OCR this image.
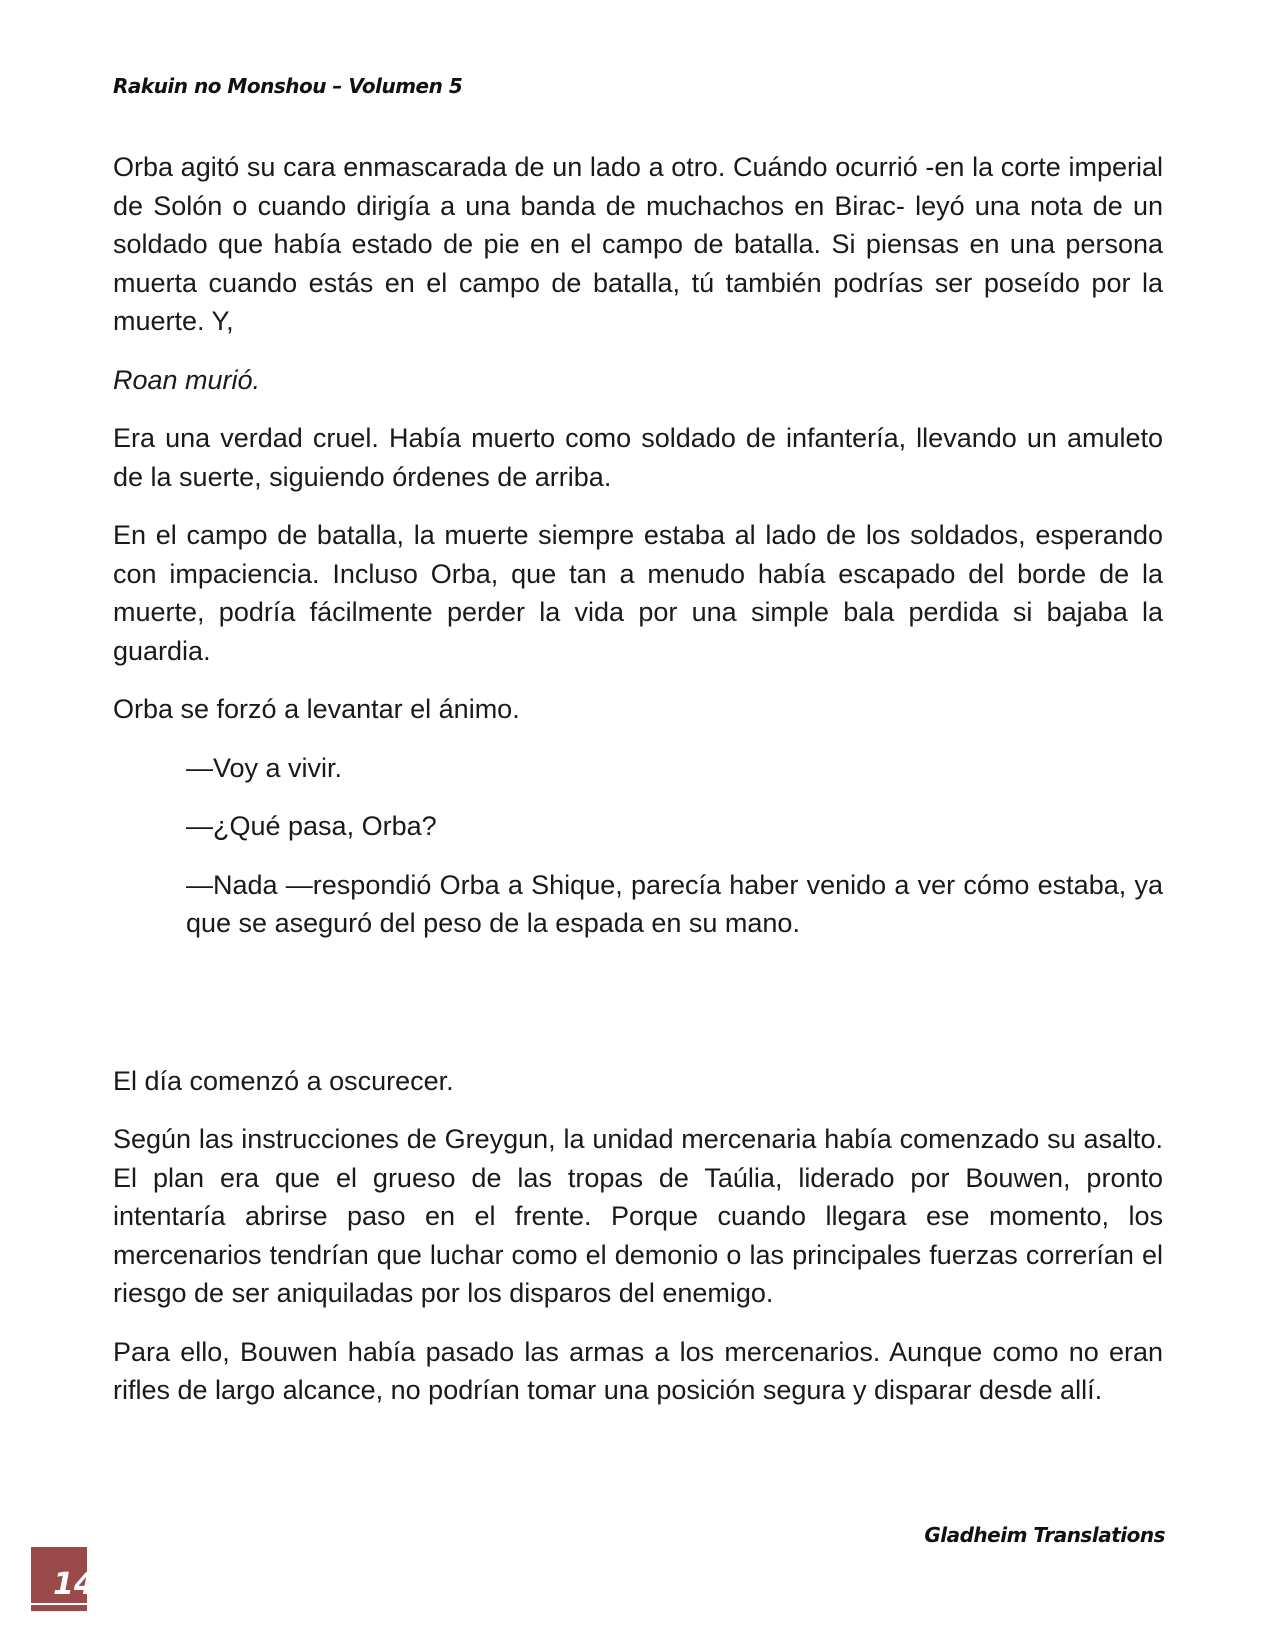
Rakuin no Monshou – Volumen 5

Orba agitó su cara enmascarada de un lado a otro. Cuándo ocurrió -en la corte imperial de Solón o cuando dirigía a una banda de muchachos en Birac- leyó una nota de un soldado que había estado de pie en el campo de batalla. Si piensas en una persona muerta cuando estás en el campo de batalla, tú también podrías ser poseído por la muerte. Y,

Roan murió.

Era una verdad cruel. Había muerto como soldado de infantería, llevando un amuleto de la suerte, siguiendo órdenes de arriba.

En el campo de batalla, la muerte siempre estaba al lado de los soldados, esperando con impaciencia. Incluso Orba, que tan a menudo había escapado del borde de la muerte, podría fácilmente perder la vida por una simple bala perdida si bajaba la guardia.

Orba se forzó a levantar el ánimo.

—Voy a vivir.

—¿Qué pasa, Orba?

—Nada —respondió Orba a Shique, parecía haber venido a ver cómo estaba, ya que se aseguró del peso de la espada en su mano.

El día comenzó a oscurecer.

Según las instrucciones de Greygun, la unidad mercenaria había comenzado su asalto. El plan era que el grueso de las tropas de Taúlia, liderado por Bouwen, pronto intentaría abrirse paso en el frente. Porque cuando llegara ese momento, los mercenarios tendrían que luchar como el demonio o las principales fuerzas correrían el riesgo de ser aniquiladas por los disparos del enemigo.

Para ello, Bouwen había pasado las armas a los mercenarios. Aunque como no eran rifles de largo alcance, no podrían tomar una posición segura y disparar desde allí.

Gladheim Translations
14
